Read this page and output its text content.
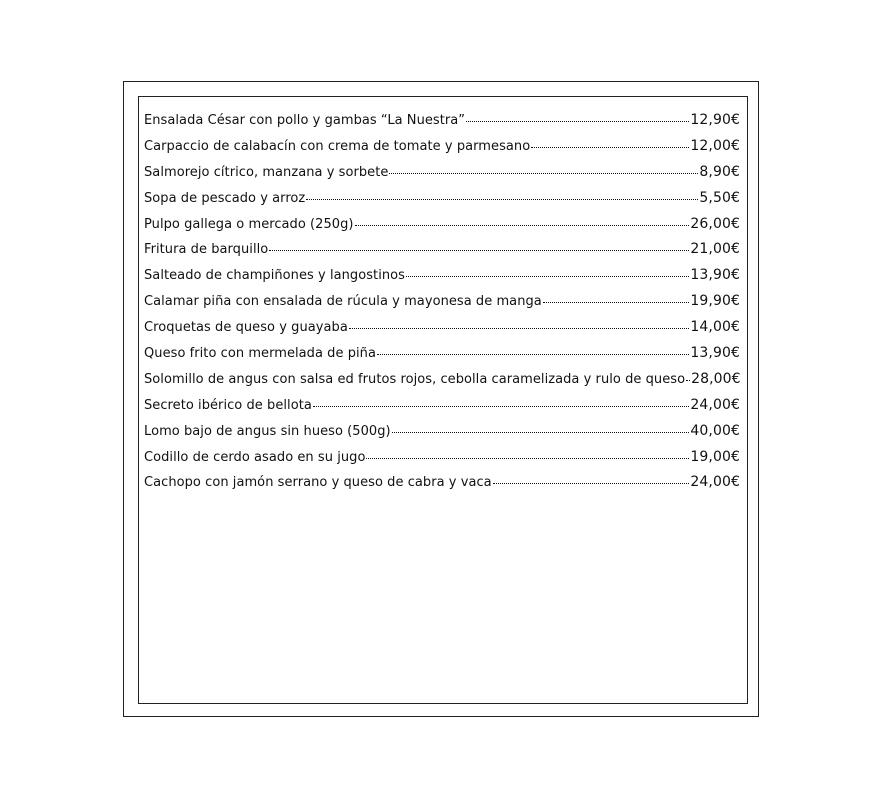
Ensalada César con pollo y gambas “La Nuestra”	12,90€
Carpaccio de calabacín con crema de tomate y parmesano	12,00€
Salmorejo cítrico, manzana y sorbete	8,90€
Sopa de pescado y arroz	5,50€
Pulpo gallega o mercado (250g)	26,00€
Fritura de barquillo	21,00€
Salteado de champiñones y langostinos	13,90€
Calamar piña con ensalada de rúcula y mayonesa de manga	19,90€
Croquetas de queso y guayaba	14,00€
Queso frito con mermelada de piña	13,90€
Solomillo de angus con salsa ed frutos rojos, cebolla caramelizada y rulo de queso 28,00€
Secreto ibérico de bellota	24,00€
Lomo bajo de angus sin hueso (500g)	40,00€
Codillo de cerdo asado en su jugo	19,00€
Cachopo con jamón serrano y queso de cabra y vaca	24,00€
